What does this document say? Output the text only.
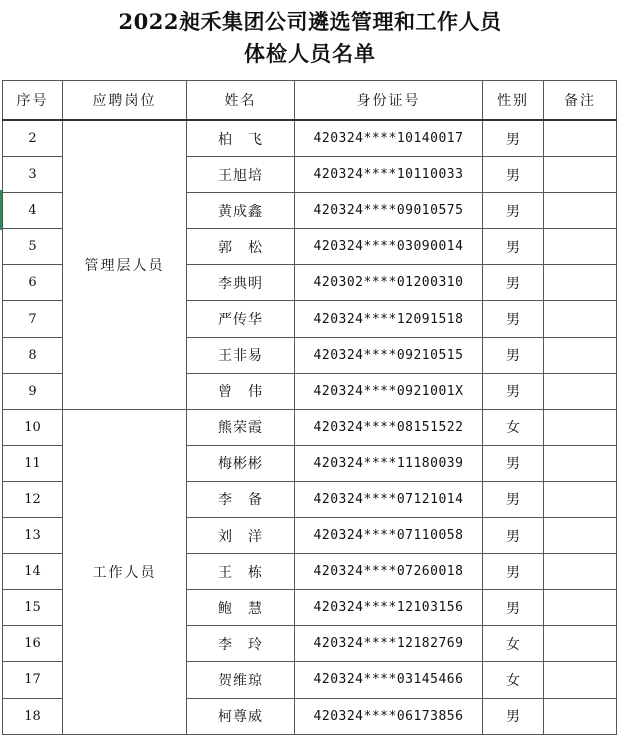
2022昶禾集团公司遴选管理和工作人员
体检人员名单
序号	应聘岗位	姓名	身份证号	性别	备注
2	管理层人员	柏　飞	420324****10140017	男	
3		王旭培	420324****10110033	男	
4		黄成鑫	420324****09010575	男	
5		郭　松	420324****03090014	男	
6		李典明	420302****01200310	男	
7		严传华	420324****12091518	男	
8		王非易	420324****09210515	男	
9		曾　伟	420324****0921001X	男	
10	工作人员	熊荣霞	420324****08151522	女	
11		梅彬彬	420324****11180039	男	
12		李　备	420324****07121014	男	
13		刘　洋	420324****07110058	男	
14		王　栋	420324****07260018	男	
15		鲍　慧	420324****12103156	男	
16		李　玲	420324****12182769	女	
17		贺维琼	420324****03145466	女	
18		柯尊威	420324****06173856	男	
